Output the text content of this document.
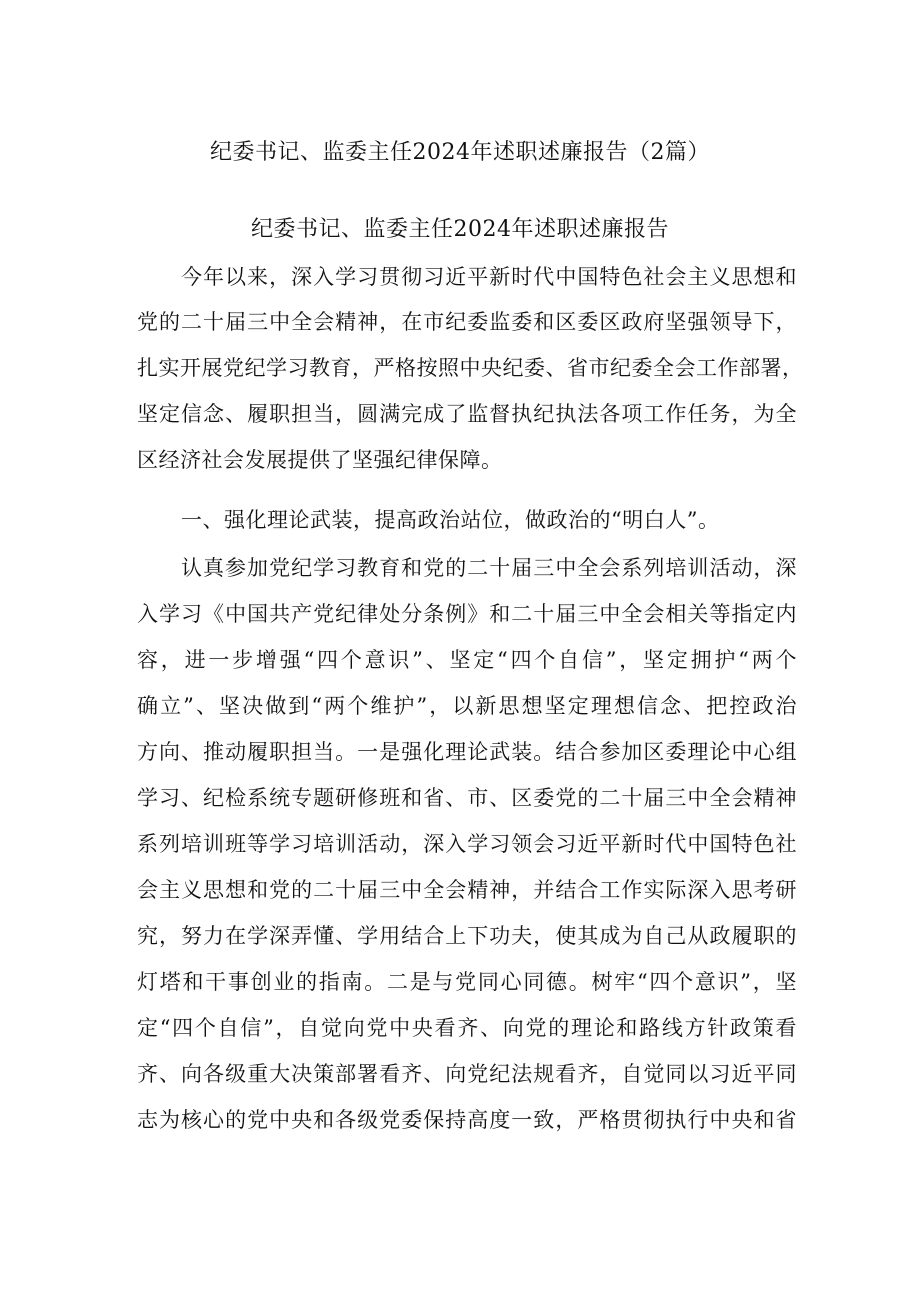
纪委书记、监委主任2024年述职述廉报告（2篇）
纪委书记、监委主任2024年述职述廉报告
今年以来，深入学习贯彻习近平新时代中国特色社会主义思想和
党的二十届三中全会精神，在市纪委监委和区委区政府坚强领导下，
扎实开展党纪学习教育，严格按照中央纪委、省市纪委全会工作部署，
坚定信念、履职担当，圆满完成了监督执纪执法各项工作任务，为全
区经济社会发展提供了坚强纪律保障。
一、强化理论武装，提高政治站位，做政治的“明白人”。
认真参加党纪学习教育和党的二十届三中全会系列培训活动，深
入学习《中国共产党纪律处分条例》和二十届三中全会相关等指定内
容，进一步增强“四个意识”、坚定“四个自信”，坚定拥护“两个
确立”、坚决做到“两个维护”，以新思想坚定理想信念、把控政治
方向、推动履职担当。一是强化理论武装。结合参加区委理论中心组
学习、纪检系统专题研修班和省、市、区委党的二十届三中全会精神
系列培训班等学习培训活动，深入学习领会习近平新时代中国特色社
会主义思想和党的二十届三中全会精神，并结合工作实际深入思考研
究，努力在学深弄懂、学用结合上下功夫，使其成为自己从政履职的
灯塔和干事创业的指南。二是与党同心同德。树牢“四个意识”，坚
定“四个自信”，自觉向党中央看齐、向党的理论和路线方针政策看
齐、向各级重大决策部署看齐、向党纪法规看齐，自觉同以习近平同
志为核心的党中央和各级党委保持高度一致，严格贯彻执行中央和省
